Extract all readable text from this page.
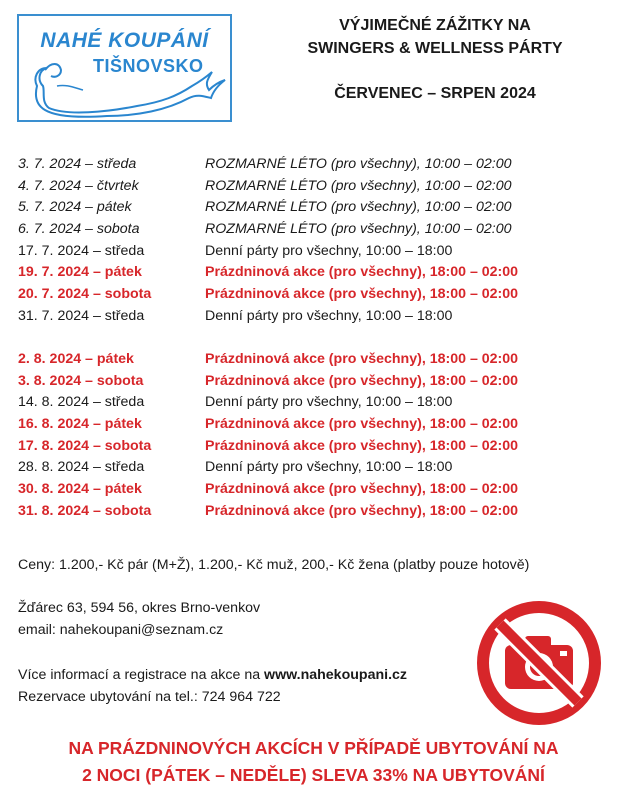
NAHÉ KOUPÁNÍ
TIŠNOVSKO
VÝJIMEČNÉ ZÁŽITKY NA
SWINGERS & WELLNESS PÁRTY
ČERVENEC – SRPEN 2024
3. 7. 2024 – středa	ROZMARNÉ LÉTO (pro všechny), 10:00 – 02:00
4. 7. 2024 – čtvrtek	ROZMARNÉ LÉTO (pro všechny), 10:00 – 02:00
5. 7. 2024 – pátek	ROZMARNÉ LÉTO (pro všechny), 10:00 – 02:00
6. 7. 2024 – sobota	ROZMARNÉ LÉTO (pro všechny), 10:00 – 02:00
17. 7. 2024 – středa	Denní párty pro všechny, 10:00 – 18:00
19. 7. 2024 – pátek	Prázdninová akce (pro všechny), 18:00 – 02:00
20. 7. 2024 – sobota	Prázdninová akce (pro všechny), 18:00 – 02:00
31. 7. 2024 – středa	Denní párty pro všechny, 10:00 – 18:00
2. 8. 2024 – pátek	Prázdninová akce (pro všechny), 18:00 – 02:00
3. 8. 2024 – sobota	Prázdninová akce (pro všechny), 18:00 – 02:00
14. 8. 2024 – středa	Denní párty pro všechny, 10:00 – 18:00
16. 8. 2024 – pátek	Prázdninová akce (pro všechny), 18:00 – 02:00
17. 8. 2024 – sobota	Prázdninová akce (pro všechny), 18:00 – 02:00
28. 8. 2024 – středa	Denní párty pro všechny, 10:00 – 18:00
30. 8. 2024 – pátek	Prázdninová akce (pro všechny), 18:00 – 02:00
31. 8. 2024 – sobota	Prázdninová akce (pro všechny), 18:00 – 02:00
Ceny: 1.200,- Kč pár (M+Ž), 1.200,- Kč muž, 200,- Kč žena (platby pouze hotově)
Žďárec 63, 594 56, okres Brno-venkov
email: nahekoupani@seznam.cz
Více informací a registrace na akce na www.nahekoupani.cz
Rezervace ubytování na tel.: 724 964 722
NA PRÁZDNINOVÝCH AKCÍCH V PŘÍPADĚ UBYTOVÁNÍ NA
2 NOCI (PÁTEK – NEDĚLE) SLEVA 33% NA UBYTOVÁNÍ
